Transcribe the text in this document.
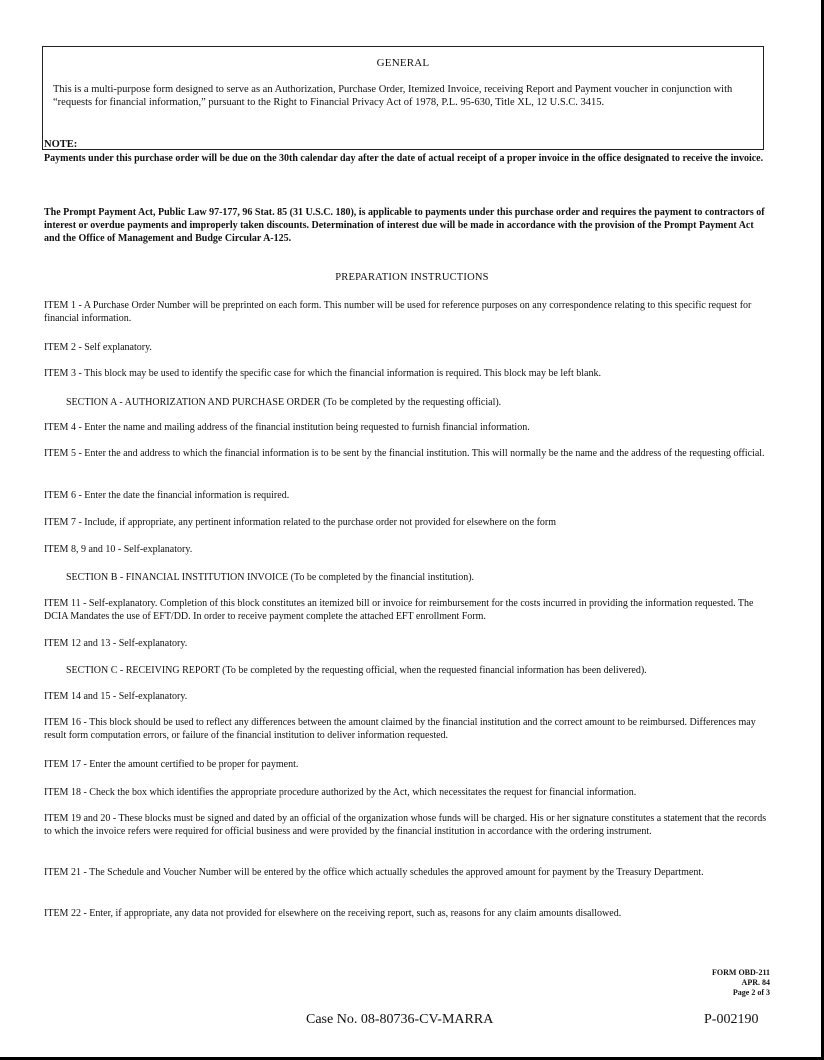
GENERAL
This is a multi-purpose form designed to serve as an Authorization, Purchase Order, Itemized Invoice, receiving Report and Payment voucher in conjunction with “requests for financial information,” pursuant to the Right to Financial Privacy Act of 1978, P.L. 95-630, Title XL, 12 U.S.C. 3415.
NOTE:
Payments under this purchase order will be due on the 30th calendar day after the date of actual receipt of a proper invoice in the office designated to receive the invoice.
The Prompt Payment Act, Public Law 97-177, 96 Stat. 85 (31 U.S.C. 180), is applicable to payments under this purchase order and requires the payment to contractors of interest or overdue payments and improperly taken discounts. Determination of interest due will be made in accordance with the provision of the Prompt Payment Act and the Office of Management and Budge Circular A-125.
PREPARATION INSTRUCTIONS
ITEM 1 - A Purchase Order Number will be preprinted on each form. This number will be used for reference purposes on any correspondence relating to this specific request for financial information.
ITEM 2 - Self explanatory.
ITEM 3 - This block may be used to identify the specific case for which the financial information is required. This block may be left blank.
SECTION A - AUTHORIZATION AND PURCHASE ORDER (To be completed by the requesting official).
ITEM 4 - Enter the name and mailing address of the financial institution being requested to furnish financial information.
ITEM 5 - Enter the and address to which the financial information is to be sent by the financial institution. This will normally be the name and the address of the requesting official.
ITEM 6 - Enter the date the financial information is required.
ITEM 7 - Include, if appropriate, any pertinent information related to the purchase order not provided for elsewhere on the form
ITEM 8, 9 and 10 - Self-explanatory.
SECTION B - FINANCIAL INSTITUTION INVOICE (To be completed by the financial institution).
ITEM 11 - Self-explanatory. Completion of this block constitutes an itemized bill or invoice for reimbursement for the costs incurred in providing the information requested. The DCIA Mandates the use of EFT/DD. In order to receive payment complete the attached EFT enrollment Form.
ITEM 12 and 13 - Self-explanatory.
SECTION C - RECEIVING REPORT (To be completed by the requesting official, when the requested financial information has been delivered).
ITEM 14 and 15 - Self-explanatory.
ITEM 16 - This block should be used to reflect any differences between the amount claimed by the financial institution and the correct amount to be reimbursed. Differences may result form computation errors, or failure of the financial institution to deliver information requested.
ITEM 17 - Enter the amount certified to be proper for payment.
ITEM 18 - Check the box which identifies the appropriate procedure authorized by the Act, which necessitates the request for financial information.
ITEM 19 and 20 - These blocks must be signed and dated by an official of the organization whose funds will be charged. His or her signature constitutes a statement that the records to which the invoice refers were required for official business and were provided by the financial institution in accordance with the ordering instrument.
ITEM 21 - The Schedule and Voucher Number will be entered by the office which actually schedules the approved amount for payment by the Treasury Department.
ITEM 22 - Enter, if appropriate, any data not provided for elsewhere on the receiving report, such as, reasons for any claim amounts disallowed.
FORM OBD-211
APR. 84
Page 2 of 3
Case No. 08-80736-CV-MARRA	P-002190
